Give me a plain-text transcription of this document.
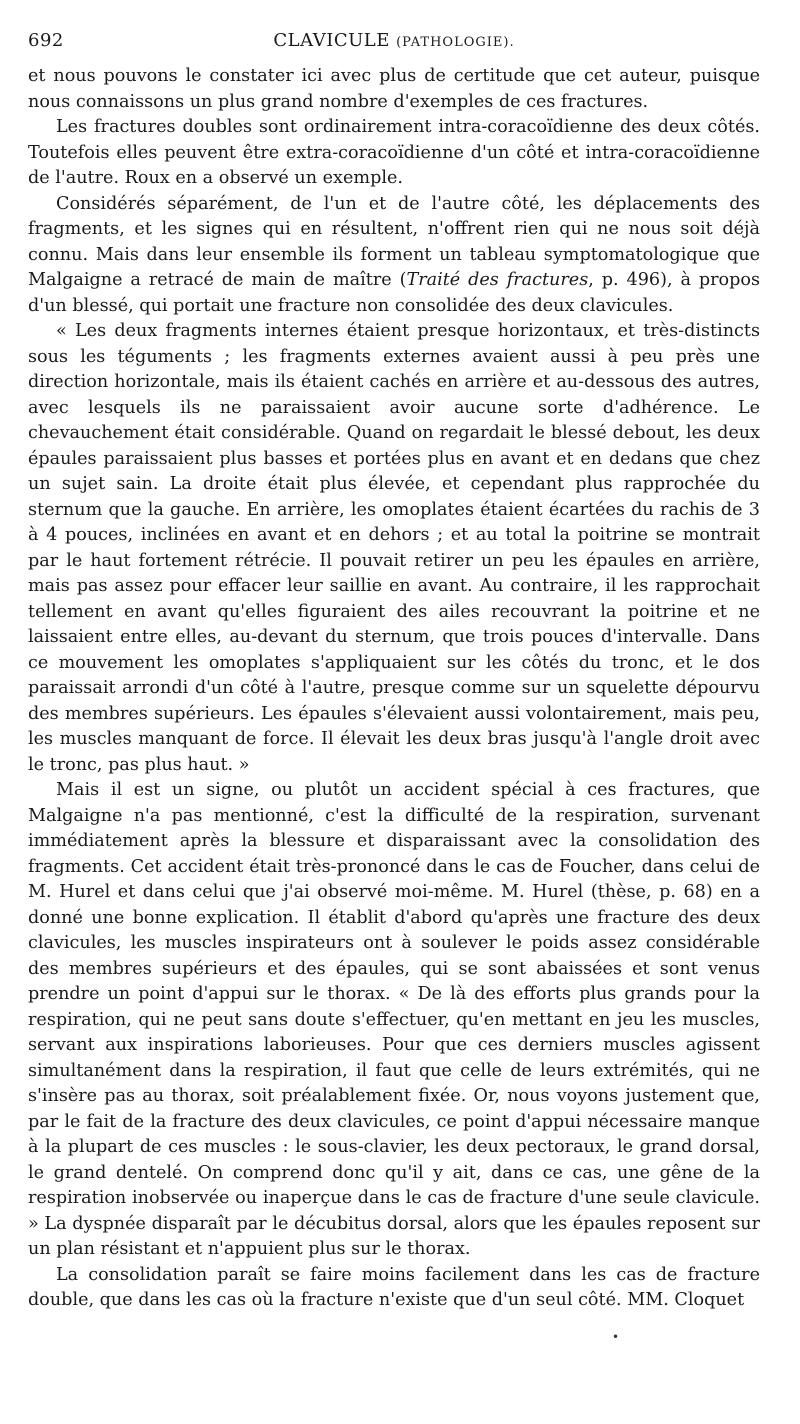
692	CLAVICULE (PATHOLOGIE).

et nous pouvons le constater ici avec plus de certitude que cet auteur, puisque nous connaissons un plus grand nombre d'exemples de ces fractures.

Les fractures doubles sont ordinairement intra-coracoïdienne des deux côtés. Toutefois elles peuvent être extra-coracoïdienne d'un côté et intra-coracoïdienne de l'autre. Roux en a observé un exemple.

Considérés séparément, de l'un et de l'autre côté, les déplacements des fragments, et les signes qui en résultent, n'offrent rien qui ne nous soit déjà connu. Mais dans leur ensemble ils forment un tableau symptomatologique que Malgaigne a retracé de main de maître (Traité des fractures, p. 496), à propos d'un blessé, qui portait une fracture non consolidée des deux clavicules.

« Les deux fragments internes étaient presque horizontaux, et très-distincts sous les téguments ; les fragments externes avaient aussi à peu près une direction horizontale, mais ils étaient cachés en arrière et au-dessous des autres, avec lesquels ils ne paraissaient avoir aucune sorte d'adhérence. Le chevauchement était considérable. Quand on regardait le blessé debout, les deux épaules paraissaient plus basses et portées plus en avant et en dedans que chez un sujet sain. La droite était plus élevée, et cependant plus rapprochée du sternum que la gauche. En arrière, les omoplates étaient écartées du rachis de 3 à 4 pouces, inclinées en avant et en dehors ; et au total la poitrine se montrait par le haut fortement rétrécie. Il pouvait retirer un peu les épaules en arrière, mais pas assez pour effacer leur saillie en avant. Au contraire, il les rapprochait tellement en avant qu'elles figuraient des ailes recouvrant la poitrine et ne laissaient entre elles, au-devant du sternum, que trois pouces d'intervalle. Dans ce mouvement les omoplates s'appliquaient sur les côtés du tronc, et le dos paraissait arrondi d'un côté à l'autre, presque comme sur un squelette dépourvu des membres supérieurs. Les épaules s'élevaient aussi volontairement, mais peu, les muscles manquant de force. Il élevait les deux bras jusqu'à l'angle droit avec le tronc, pas plus haut. »

Mais il est un signe, ou plutôt un accident spécial à ces fractures, que Malgaigne n'a pas mentionné, c'est la difficulté de la respiration, survenant immédiatement après la blessure et disparaissant avec la consolidation des fragments. Cet accident était très-prononcé dans le cas de Foucher, dans celui de M. Hurel et dans celui que j'ai observé moi-même. M. Hurel (thèse, p. 68) en a donné une bonne explication. Il établit d'abord qu'après une fracture des deux clavicules, les muscles inspirateurs ont à soulever le poids assez considérable des membres supérieurs et des épaules, qui se sont abaissées et sont venus prendre un point d'appui sur le thorax. « De là des efforts plus grands pour la respiration, qui ne peut sans doute s'effectuer, qu'en mettant en jeu les muscles, servant aux inspirations laborieuses. Pour que ces derniers muscles agissent simultanément dans la respiration, il faut que celle de leurs extrémités, qui ne s'insère pas au thorax, soit préalablement fixée. Or, nous voyons justement que, par le fait de la fracture des deux clavicules, ce point d'appui nécessaire manque à la plupart de ces muscles : le sous-clavier, les deux pectoraux, le grand dorsal, le grand dentelé. On comprend donc qu'il y ait, dans ce cas, une gêne de la respiration inobservée ou inaperçue dans le cas de fracture d'une seule clavicule. » La dyspnée disparaît par le décubitus dorsal, alors que les épaules reposent sur un plan résistant et n'appuient plus sur le thorax.

La consolidation paraît se faire moins facilement dans les cas de fracture double, que dans les cas où la fracture n'existe que d'un seul côté. MM. Cloquet

•
